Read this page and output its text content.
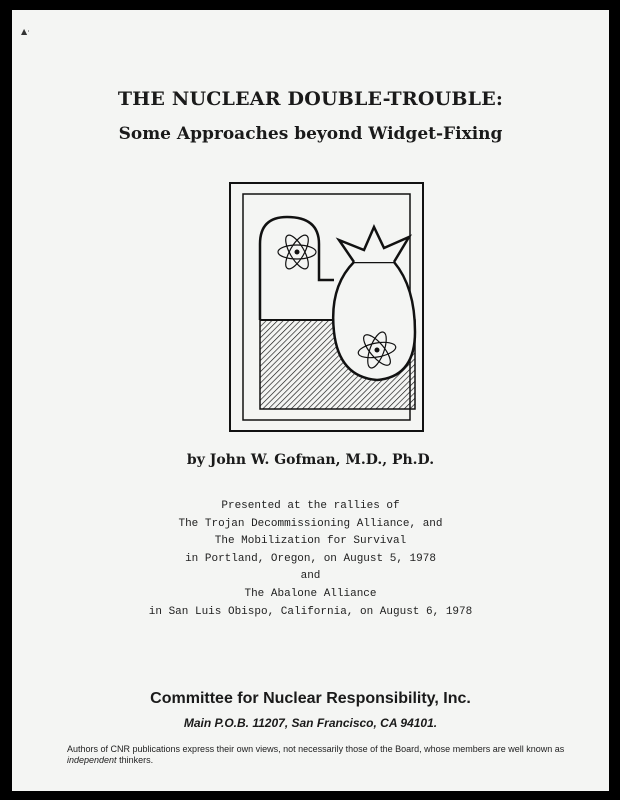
▲·
THE NUCLEAR DOUBLE-TROUBLE:
Some Approaches beyond Widget-Fixing
by John W. Gofman, M.D., Ph.D.
Presented at the rallies of
The Trojan Decommissioning Alliance, and
The Mobilization for Survival
in Portland, Oregon, on August 5, 1978
and
The Abalone Alliance
in San Luis Obispo, California, on August 6, 1978
Committee for Nuclear Responsibility, Inc.
Main P.O.B. 11207, San Francisco, CA 94101.
Authors of CNR publications express their own views, not necessarily those of the Board, whose members are well known as
independent thinkers.
